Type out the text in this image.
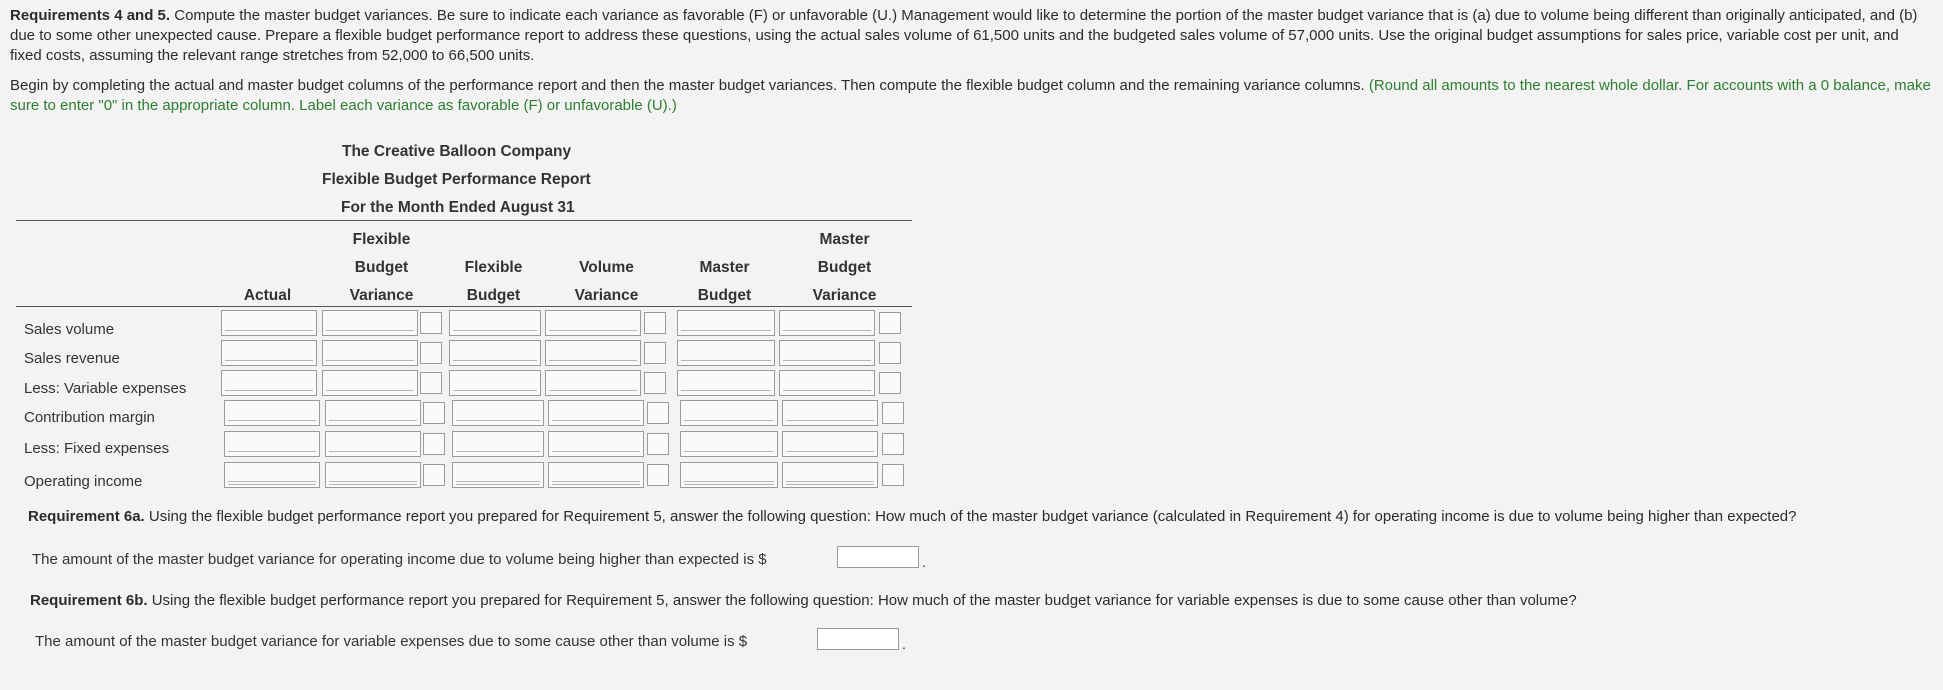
Requirements 4 and 5. Compute the master budget variances. Be sure to indicate each variance as favorable (F) or unfavorable (U.) Management would like to determine the portion of the master budget variance that is (a) due to volume being different than originally anticipated, and (b) due to some other unexpected cause. Prepare a flexible budget performance report to address these questions, using the actual sales volume of 61,500 units and the budgeted sales volume of 57,000 units. Use the original budget assumptions for sales price, variable cost per unit, and fixed costs, assuming the relevant range stretches from 52,000 to 66,500 units.
Begin by completing the actual and master budget columns of the performance report and then the master budget variances. Then compute the flexible budget column and the remaining variance columns. (Round all amounts to the nearest whole dollar. For accounts with a 0 balance, make sure to enter "0" in the appropriate column. Label each variance as favorable (F) or unfavorable (U).)
The Creative Balloon Company
Flexible Budget Performance Report
For the Month Ended August 31
Actual
Flexible
Budget
Variance
Flexible
Budget
Volume
Variance
Master
Budget
Master
Budget
Variance
Sales volume
Sales revenue
Less: Variable expenses
Contribution margin
Less: Fixed expenses
Operating income
Requirement 6a. Using the flexible budget performance report you prepared for Requirement 5, answer the following question: How much of the master budget variance (calculated in Requirement 4) for operating income is due to volume being higher than expected?
The amount of the master budget variance for operating income due to volume being higher than expected is $	.
Requirement 6b. Using the flexible budget performance report you prepared for Requirement 5, answer the following question: How much of the master budget variance for variable expenses is due to some cause other than volume?
The amount of the master budget variance for variable expenses due to some cause other than volume is $	.
